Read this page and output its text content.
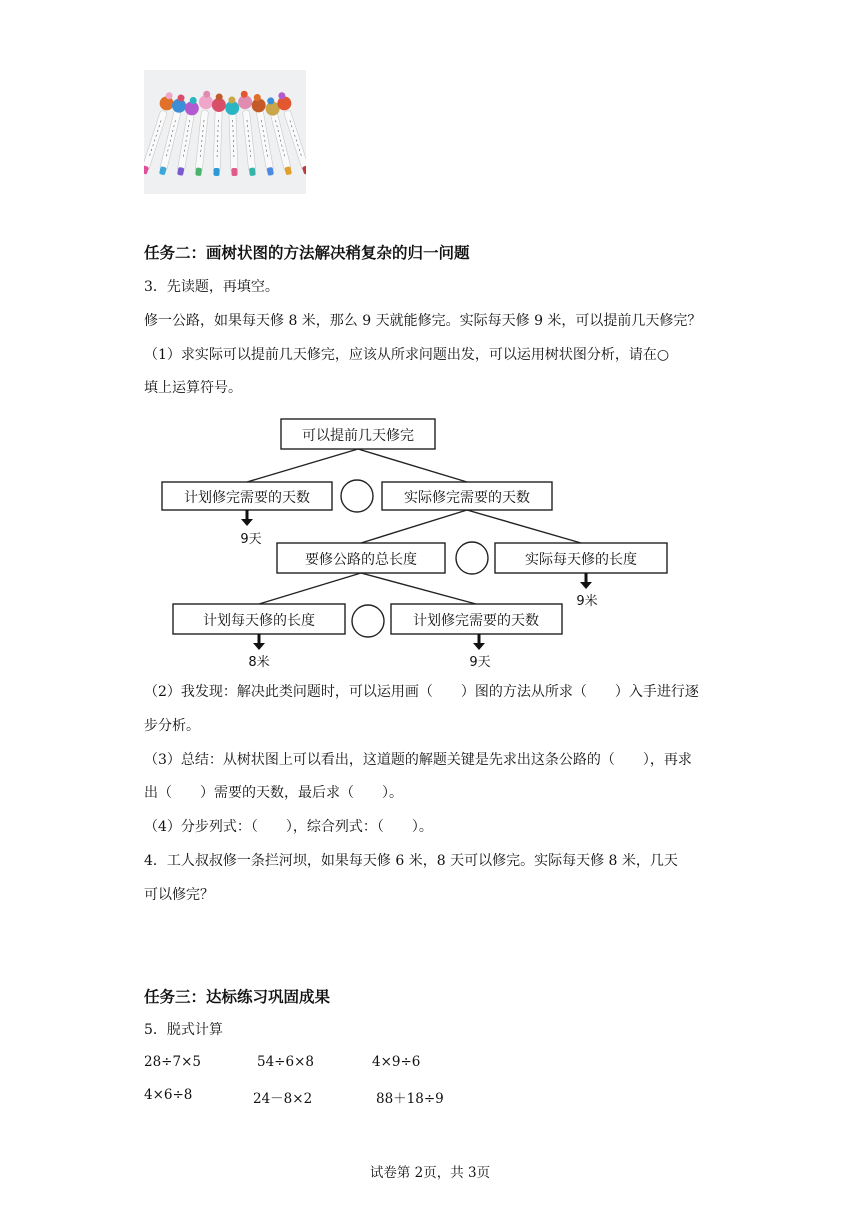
任务二：画树状图的方法解决稍复杂的归一问题
3．先读题，再填空。
修一公路，如果每天修 8 米，那么 9 天就能修完。实际每天修 9 米，可以提前几天修完？
（1）求实际可以提前几天修完，应该从所求问题出发，可以运用树状图分析，请在○
填上运算符号。
可以提前几天修完
计划修完需要的天数	实际修完需要的天数
要修公路的总长度	实际每天修的长度
计划每天修的长度	计划修完需要的天数
9天
9米
8米	9天
（2）我发现：解决此类问题时，可以运用画（　　）图的方法从所求（　　）入手进行逐
步分析。
（3）总结：从树状图上可以看出，这道题的解题关键是先求出这条公路的（　　），再求
出（　　）需要的天数，最后求（　　）。
（4）分步列式：（　　），综合列式：（　　）。
4．工人叔叔修一条拦河坝，如果每天修 6 米，8 天可以修完。实际每天修 8 米，几天
可以修完？
任务三：达标练习巩固成果
5．脱式计算
28÷7×5	54÷6×8	4×9÷6
4×6÷8	24－8×2	88＋18÷9
试卷第 2页，共 3页
